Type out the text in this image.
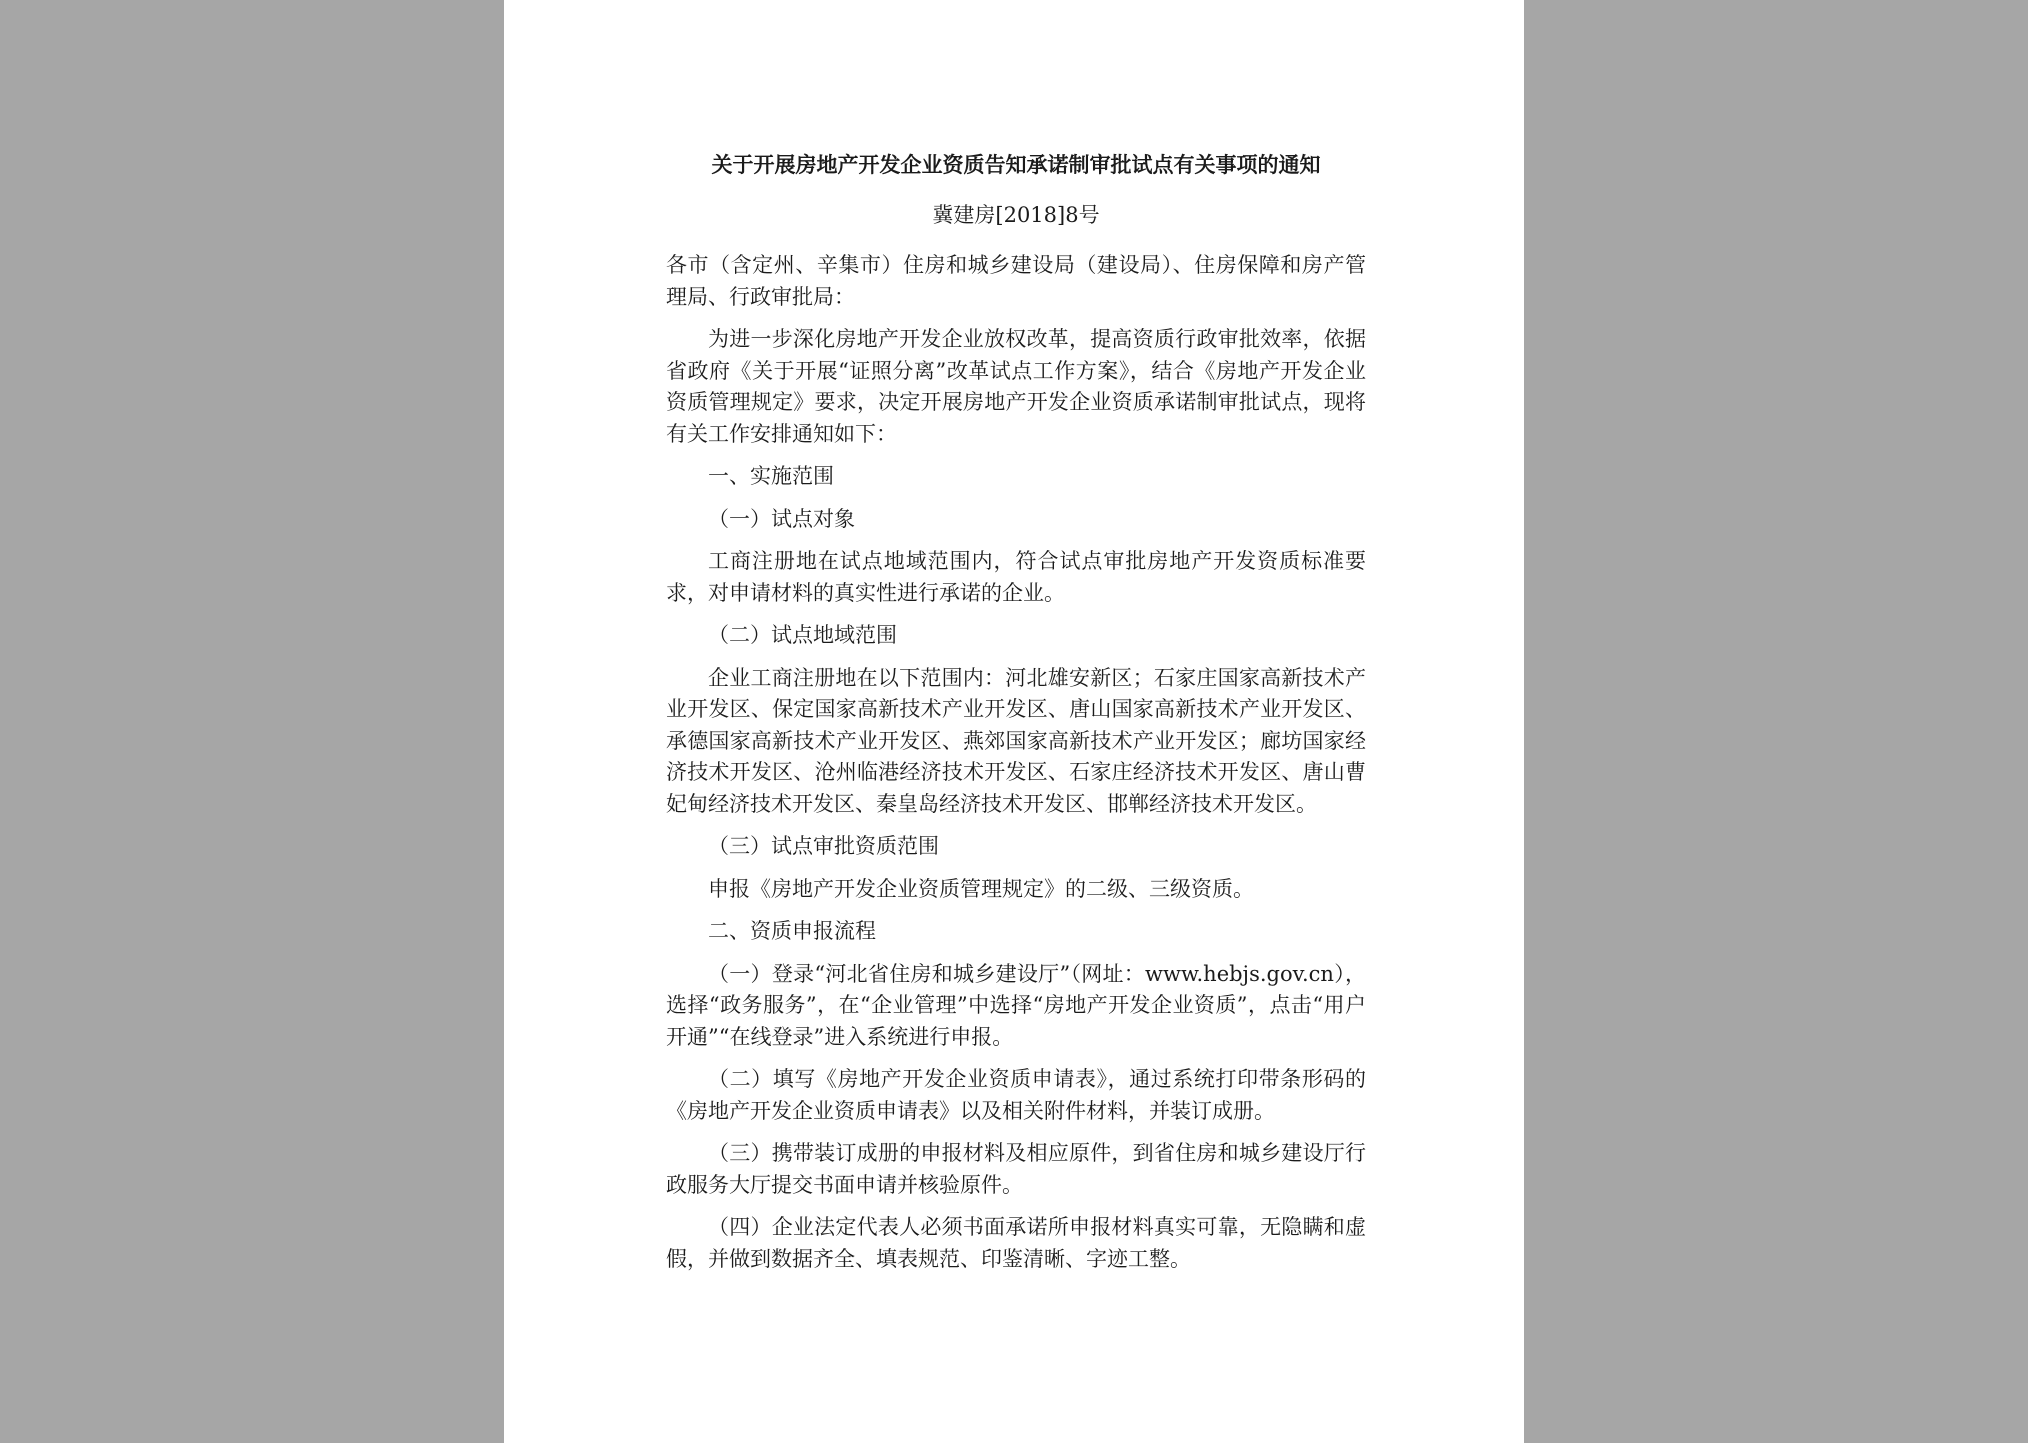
关于开展房地产开发企业资质告知承诺制审批试点有关事项的通知
冀建房[2018]8号

各市（含定州、辛集市）住房和城乡建设局（建设局）、住房保障和房产管理局、行政审批局：

为进一步深化房地产开发企业放权改革，提高资质行政审批效率，依据省政府《关于开展“证照分离”改革试点工作方案》，结合《房地产开发企业资质管理规定》要求，决定开展房地产开发企业资质承诺制审批试点，现将有关工作安排通知如下：

一、实施范围
（一）试点对象

工商注册地在试点地域范围内，符合试点审批房地产开发资质标准要求，对申请材料的真实性进行承诺的企业。

（二）试点地域范围

企业工商注册地在以下范围内：河北雄安新区；石家庄国家高新技术产业开发区、保定国家高新技术产业开发区、唐山国家高新技术产业开发区、承德国家高新技术产业开发区、燕郊国家高新技术产业开发区；廊坊国家经济技术开发区、沧州临港经济技术开发区、石家庄经济技术开发区、唐山曹妃甸经济技术开发区、秦皇岛经济技术开发区、邯郸经济技术开发区。

（三）试点审批资质范围

申报《房地产开发企业资质管理规定》的二级、三级资质。

二、资质申报流程

（一）登录“河北省住房和城乡建设厅”（网址：www.hebjs.gov.cn），选择“政务服务”，在“企业管理”中选择“房地产开发企业资质”，点击“用户开通”“在线登录”进入系统进行申报。

（二）填写《房地产开发企业资质申请表》，通过系统打印带条形码的《房地产开发企业资质申请表》以及相关附件材料，并装订成册。

（三）携带装订成册的申报材料及相应原件，到省住房和城乡建设厅行政服务大厅提交书面申请并核验原件。

（四）企业法定代表人必须书面承诺所申报材料真实可靠，无隐瞒和虚假，并做到数据齐全、填表规范、印鉴清晰、字迹工整。
